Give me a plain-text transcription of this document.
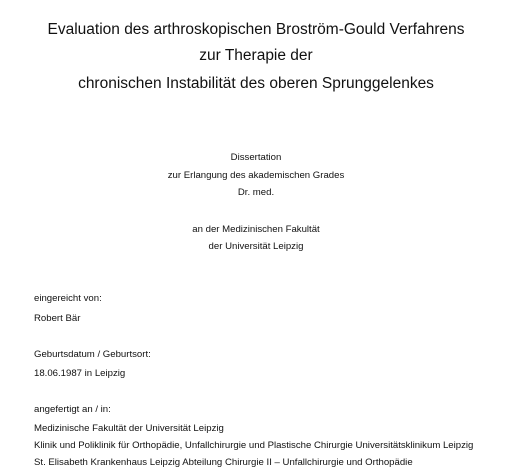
Evaluation des arthroskopischen Broström-Gould Verfahrens
zur Therapie der
chronischen Instabilität des oberen Sprunggelenkes
Dissertation
zur Erlangung des akademischen Grades
Dr. med.
an der Medizinischen Fakultät
der Universität Leipzig
eingereicht von:
Robert Bär
Geburtsdatum / Geburtsort:
18.06.1987 in Leipzig
angefertigt an / in:
Medizinische Fakultät der Universität Leipzig
Klinik und Poliklinik für Orthopädie, Unfallchirurgie und Plastische Chirurgie Universitätsklinikum Leipzig
St. Elisabeth Krankenhaus Leipzig Abteilung Chirurgie II – Unfallchirurgie und Orthopädie
